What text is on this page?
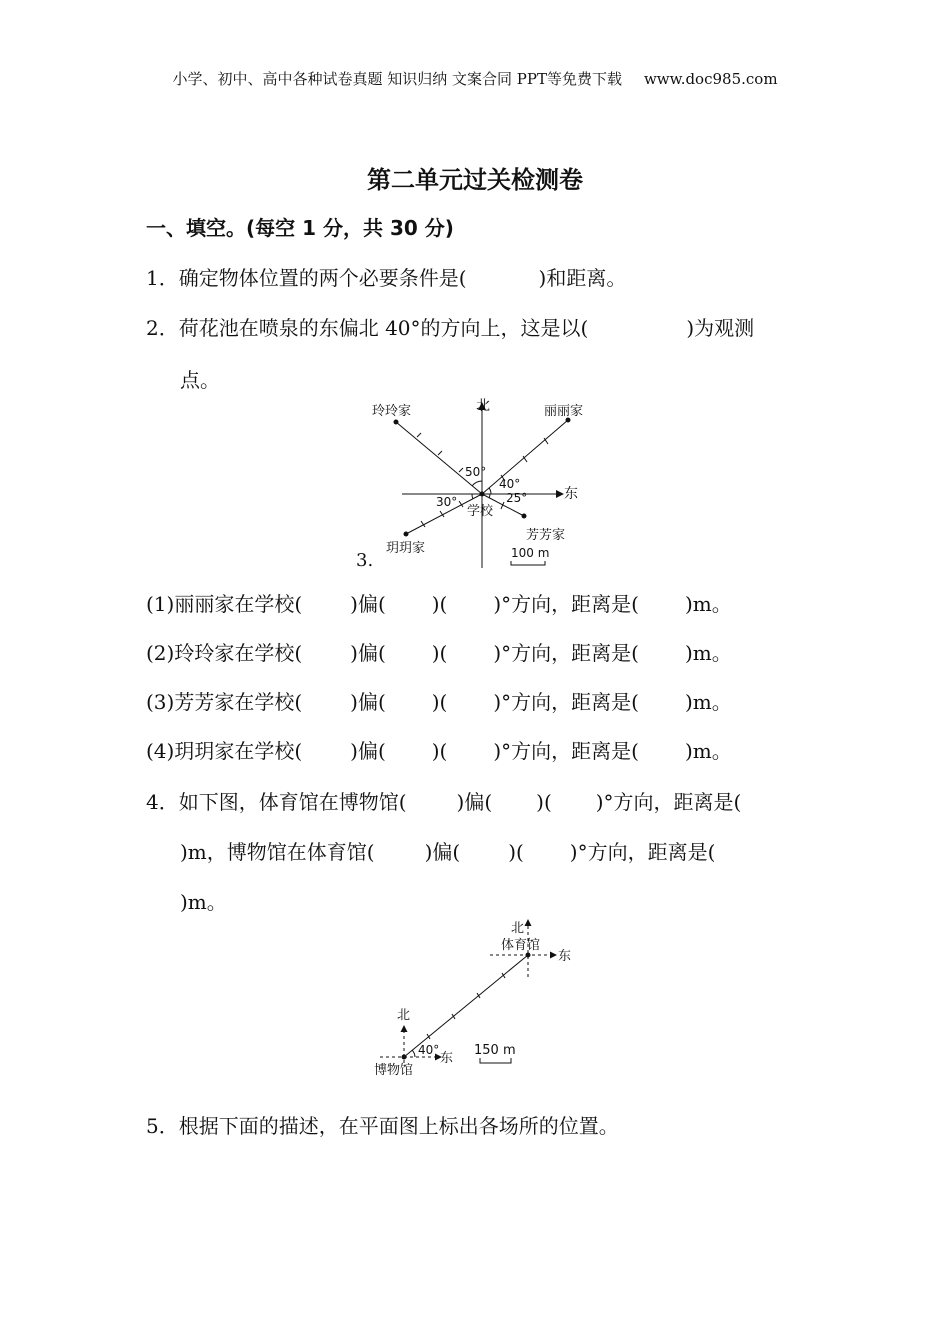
小学、初中、高中各种试卷真题 知识归纳 文案合同 PPT等免费下载 www.doc985.com
第二单元过关检测卷
一、填空。(每空 1 分，共 30 分)
1．确定物体位置的两个必要条件是(	)和距离。
2．荷花池在喷泉的东偏北 40°的方向上，这是以(	)为观测
点。
北
东
丽丽家
玲玲家
芳芳家
玥玥家
学校
50°
40°
30°	25°
100 m
3.
(1)丽丽家在学校( )偏( )( )°方向，距离是( )m。
(2)玲玲家在学校( )偏( )( )°方向，距离是( )m。
(3)芳芳家在学校( )偏( )( )°方向，距离是( )m。
(4)玥玥家在学校( )偏( )( )°方向，距离是( )m。
4．如下图，体育馆在博物馆(	)偏( )( )°方向，距离是(
)m，博物馆在体育馆(	)偏( )( )°方向，距离是(
)m。
北
体育馆
东
北
博物馆
东
40°	150 m
5．根据下面的描述，在平面图上标出各场所的位置。
